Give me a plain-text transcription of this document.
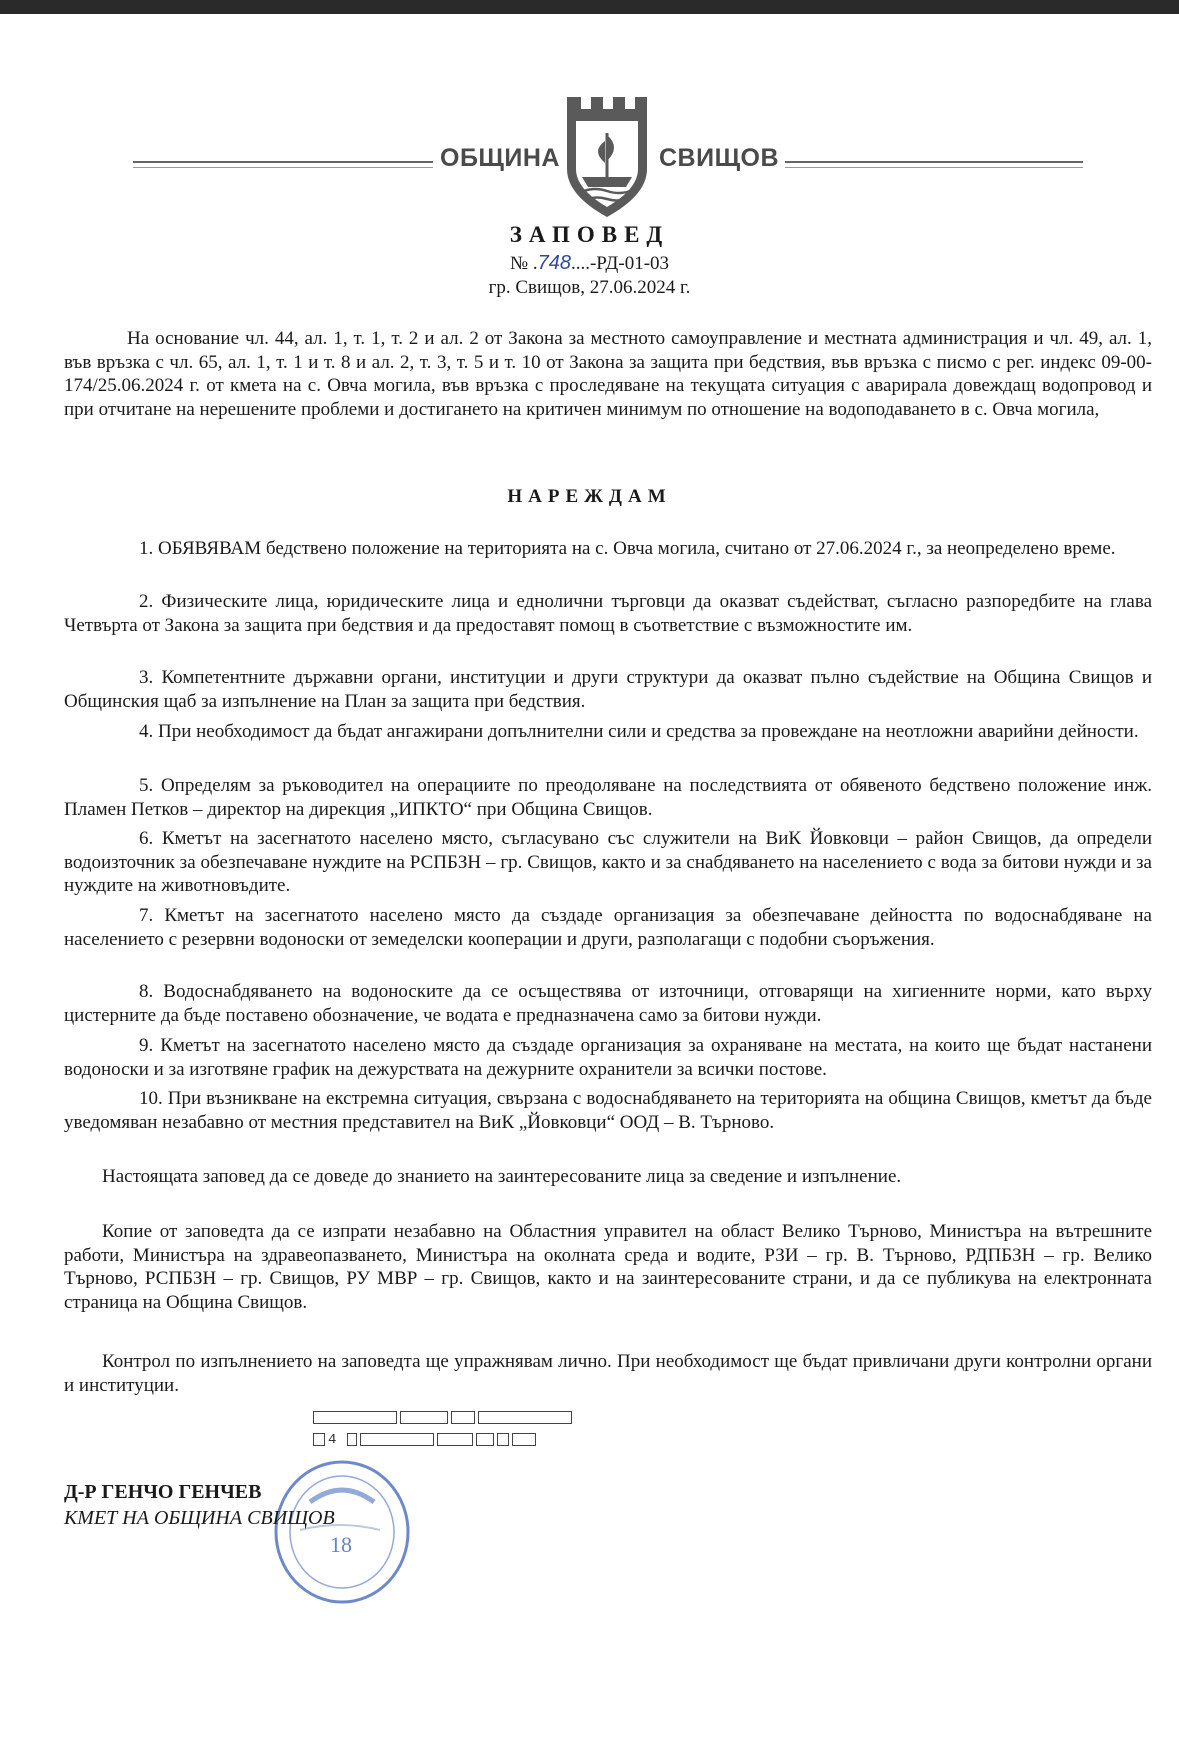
ОБЩИНА	СВИЩОВ
ЗАПОВЕД
№ .748....-РД-01-03
гр. Свищов, 27.06.2024 г.
На основание чл. 44, ал. 1, т. 1, т. 2 и ал. 2 от Закона за местното самоуправление и местната администрация и чл. 49, ал. 1, във връзка с чл. 65, ал. 1, т. 1 и т. 8 и ал. 2, т. 3, т. 5 и т. 10 от Закона за защита при бедствия, във връзка с писмо с рег. индекс 09-00-174/25.06.2024 г. от кмета на с. Овча могила, във връзка с проследяване на текущата ситуация с аварирала довеждащ водопровод и при отчитане на нерешените проблеми и достигането на критичен минимум по отношение на водоподаването в с. Овча могила,
НАРЕЖДАМ
1. ОБЯВЯВАМ бедствено положение на територията на с. Овча могила, считано от 27.06.2024 г., за неопределено време.
2. Физическите лица, юридическите лица и еднолични търговци да оказват съдействат, съгласно разпоредбите на глава Четвърта от Закона за защита при бедствия и да предоставят помощ в съответствие с възможностите им.
3. Компетентните държавни органи, институции и други структури да оказват пълно съдействие на Община Свищов и Общинския щаб за изпълнение на План за защита при бедствия.
4. При необходимост да бъдат ангажирани допълнителни сили и средства за провеждане на неотложни аварийни дейности.
5. Определям за ръководител на операциите по преодоляване на последствията от обявеното бедствено положение инж. Пламен Петков – директор на дирекция „ИПКТО“ при Община Свищов.
6. Кметът на засегнатото населено място, съгласувано със служители на ВиК Йовковци – район Свищов, да определи водоизточник за обезпечаване нуждите на РСПБЗН – гр. Свищов, както и за снабдяването на населението с вода за битови нужди и за нуждите на животновъдите.
7. Кметът на засегнатото населено място да създаде организация за обезпечаване дейността по водоснабдяване на населението с резервни водоноски от земеделски кооперации и други, разполагащи с подобни съоръжения.
8. Водоснабдяването на водоноските да се осъществява от източници, отговарящи на хигиенните норми, като върху цистерните да бъде поставено обозначение, че водата е предназначена само за битови нужди.
9. Кметът на засегнатото населено място да създаде организация за охраняване на местата, на които ще бъдат настанени водоноски и за изготвяне график на дежурствата на дежурните охранители за всички постове.
10. При възникване на екстремна ситуация, свързана с водоснабдяването на територията на община Свищов, кметът да бъде уведомяван незабавно от местния представител на ВиК „Йовковци“ ООД – В. Търново.
Настоящата заповед да се доведе до знанието на заинтересованите лица за сведение и изпълнение.
Копие от заповедта да се изпрати незабавно на Областния управител на област Велико Търново, Министъра на вътрешните работи, Министъра на здравеопазването, Министъра на околната среда и водите, РЗИ – гр. В. Търново, РДПБЗН – гр. Велико Търново, РСПБЗН – гр. Свищов, РУ МВР – гр. Свищов, както и на заинтересованите страни, и да се публикува на електронната страница на Община Свищов.
Контрол по изпълнението на заповедта ще упражнявам лично. При необходимост ще бъдат привличани други контролни органи и институции.
4
18
Д-Р ГЕНЧО ГЕНЧЕВ
КМЕТ НА ОБЩИНА СВИЩОВ
